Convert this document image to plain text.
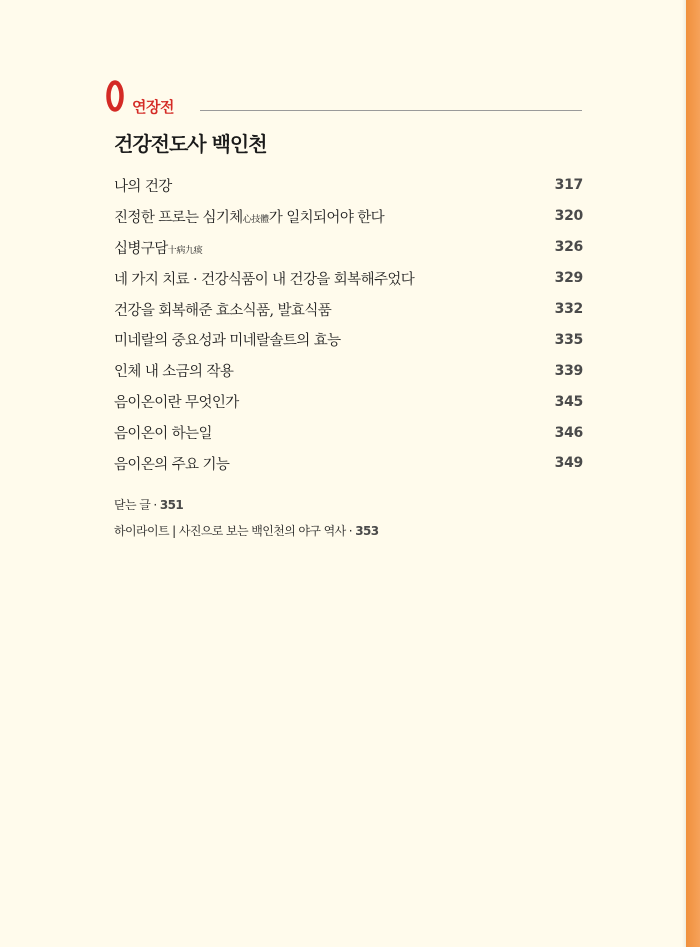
연장전
건강전도사 백인천
나의 건강	317
진정한 프로는 심기체心技體가 일치되어야 한다	320
십병구담十病九痰	326
네 가지 치료 · 건강식품이 내 건강을 회복해주었다	329
건강을 회복해준 효소식품, 발효식품	332
미네랄의 중요성과 미네랄솔트의 효능	335
인체 내 소금의 작용	339
음이온이란 무엇인가	345
음이온이 하는일	346
음이온의 주요 기능	349
닫는 글 · 351
하이라이트 | 사진으로 보는 백인천의 야구 역사 · 353
